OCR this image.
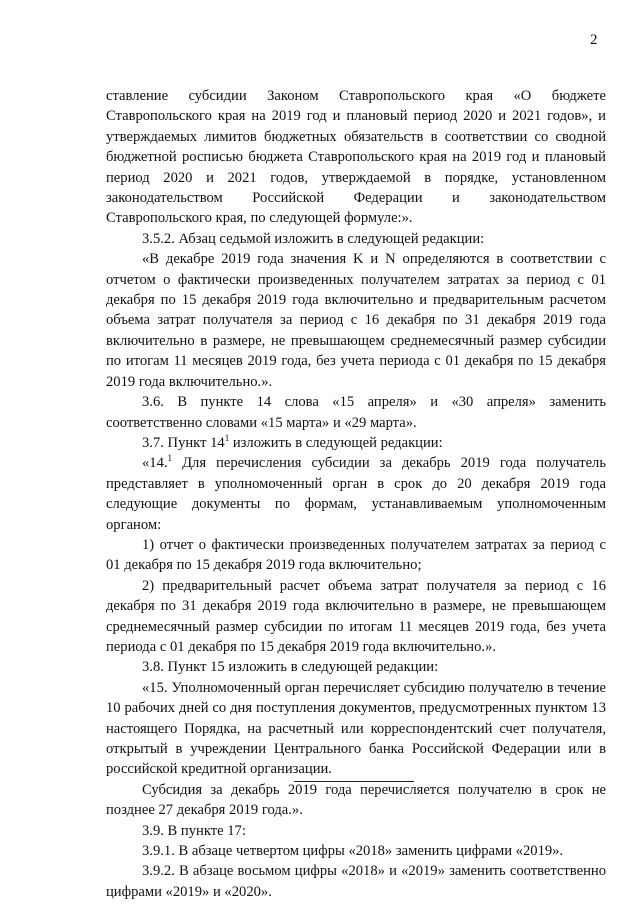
2

ставление субсидии Законом Ставропольского края «О бюджете Ставропольского края на 2019 год и плановый период 2020 и 2021 годов», и утверждаемых лимитов бюджетных обязательств в соответствии со сводной бюджетной росписью бюджета Ставропольского края на 2019 год и плановый период 2020 и 2021 годов, утверждаемой в порядке, установленном законодательством Российской Федерации и законодательством Ставропольского края, по следующей формуле:».

3.5.2. Абзац седьмой изложить в следующей редакции:

«В декабре 2019 года значения K и N определяются в соответствии с отчетом о фактически произведенных получателем затратах за период с 01 декабря по 15 декабря 2019 года включительно и предварительным расчетом объема затрат получателя за период с 16 декабря по 31 декабря 2019 года включительно в размере, не превышающем среднемесячный размер субсидии по итогам 11 месяцев 2019 года, без учета периода с 01 декабря по 15 декабря 2019 года включительно.».

3.6. В пункте 14 слова «15 апреля» и «30 апреля» заменить соответственно словами «15 марта» и «29 марта».

3.7. Пункт $14^1$ изложить в следующей редакции:

«14.$^1$ Для перечисления субсидии за декабрь 2019 года получатель представляет в уполномоченный орган в срок до 20 декабря 2019 года следующие документы по формам, устанавливаемым уполномоченным органом:

1) отчет о фактически произведенных получателем затратах за период с 01 декабря по 15 декабря 2019 года включительно;

2) предварительный расчет объема затрат получателя за период с 16 декабря по 31 декабря 2019 года включительно в размере, не превышающем среднемесячный размер субсидии по итогам 11 месяцев 2019 года, без учета периода с 01 декабря по 15 декабря 2019 года включительно.».

3.8. Пункт 15 изложить в следующей редакции:

«15. Уполномоченный орган перечисляет субсидию получателю в течение 10 рабочих дней со дня поступления документов, предусмотренных пунктом 13 настоящего Порядка, на расчетный или корреспондентский счет получателя, открытый в учреждении Центрального банка Российской Федерации или в российской кредитной организации.

Субсидия за декабрь 2019 года перечисляется получателю в срок не позднее 27 декабря 2019 года.».

3.9. В пункте 17:

3.9.1. В абзаце четвертом цифры «2018» заменить цифрами «2019».

3.9.2. В абзаце восьмом цифры «2018» и «2019» заменить соответственно цифрами «2019» и «2020».
